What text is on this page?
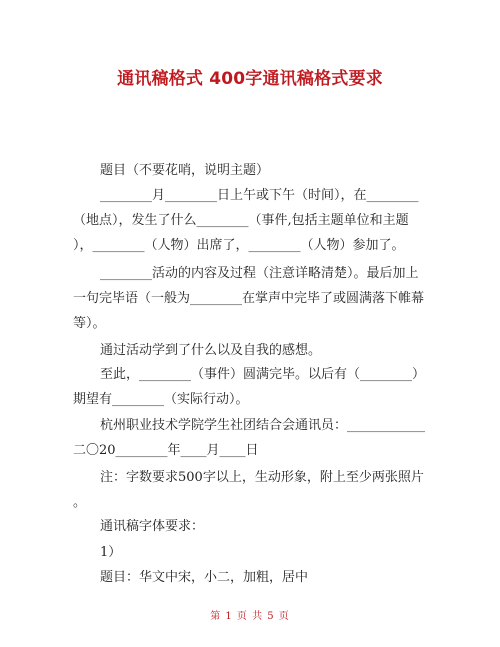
通讯稿格式 400字通讯稿格式要求
题目（不要花哨，说明主题）
________月________日上午或下午（时间），在________
（地点），发生了什么________（事件,包括主题单位和主题
），________（人物）出席了，________（人物）参加了。
________活动的内容及过程（注意详略清楚）。最后加上
一句完毕语（一般为________在掌声中完毕了或圆满落下帷幕
等）。
通过活动学到了什么以及自我的感想。
至此，________（事件）圆满完毕。以后有（________）
期望有________（实际行动）。
杭州职业技术学院学生社团结合会通讯员：____________
二〇20________年____月____日
注：字数要求500字以上，生动形象，附上至少两张照片
。
通讯稿字体要求：
1）
题目：华文中宋，小二，加粗，居中
第 1 页 共 5 页
